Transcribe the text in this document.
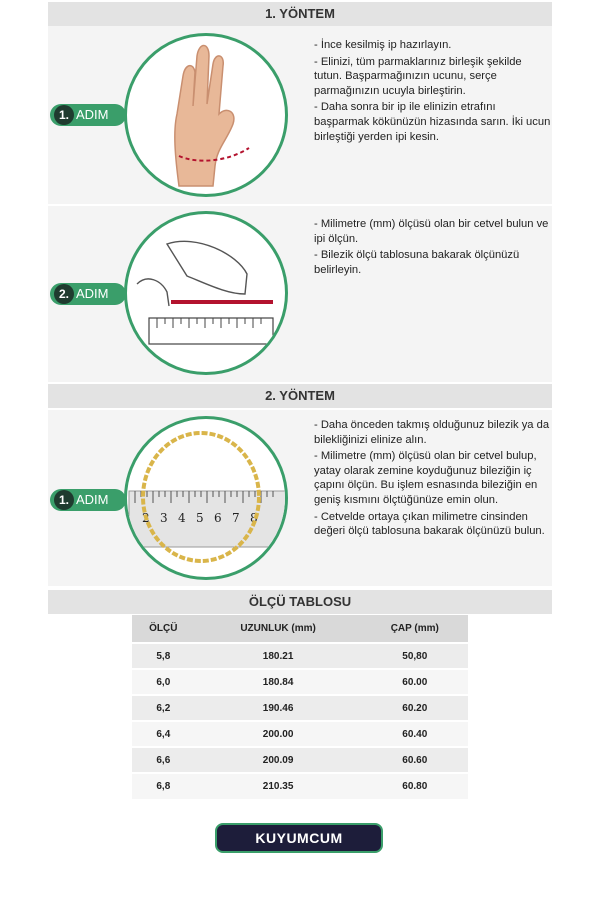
1. YÖNTEM
1. ADIM

- İnce kesilmiş ip hazırlayın.

- Elinizi, tüm parmaklarınız birleşik şekilde tutun. Başparmağınızın ucunu, serçe parmağınızın ucuyla birleştirin.

- Daha sonra bir ip ile elinizin etrafını başparmak kökünüzün hizasında sarın. İki ucun birleştiği yerden ipi kesin.

2. ADIM

- Milimetre (mm) ölçüsü olan bir cetvel bulun ve ipi ölçün.

- Bilezik ölçü tablosuna bakarak ölçünüzü belirleyin.

2. YÖNTEM
2 3 4 5 6 7 8
1. ADIM

- Daha önceden takmış olduğunuz bilezik ya da bilekliğinizi elinize alın.

- Milimetre (mm) ölçüsü olan bir cetvel bulup, yatay olarak zemine koyduğunuz bileziğin iç çapını ölçün. Bu işlem esnasında bileziğin en geniş kısmını ölçtüğünüze emin olun.

- Cetvelde ortaya çıkan milimetre cinsinden değeri ölçü tablosuna bakarak ölçünüzü bulun.

ÖLÇÜ TABLOSU
ÖLÇÜ	UZUNLUK (mm)	ÇAP (mm)
5,8	180.21	50,80
6,0	180.84	60.00
6,2	190.46	60.20
6,4	200.00	60.40
6,6	200.09	60.60
6,8	210.35	60.80
KUYUMCUM
